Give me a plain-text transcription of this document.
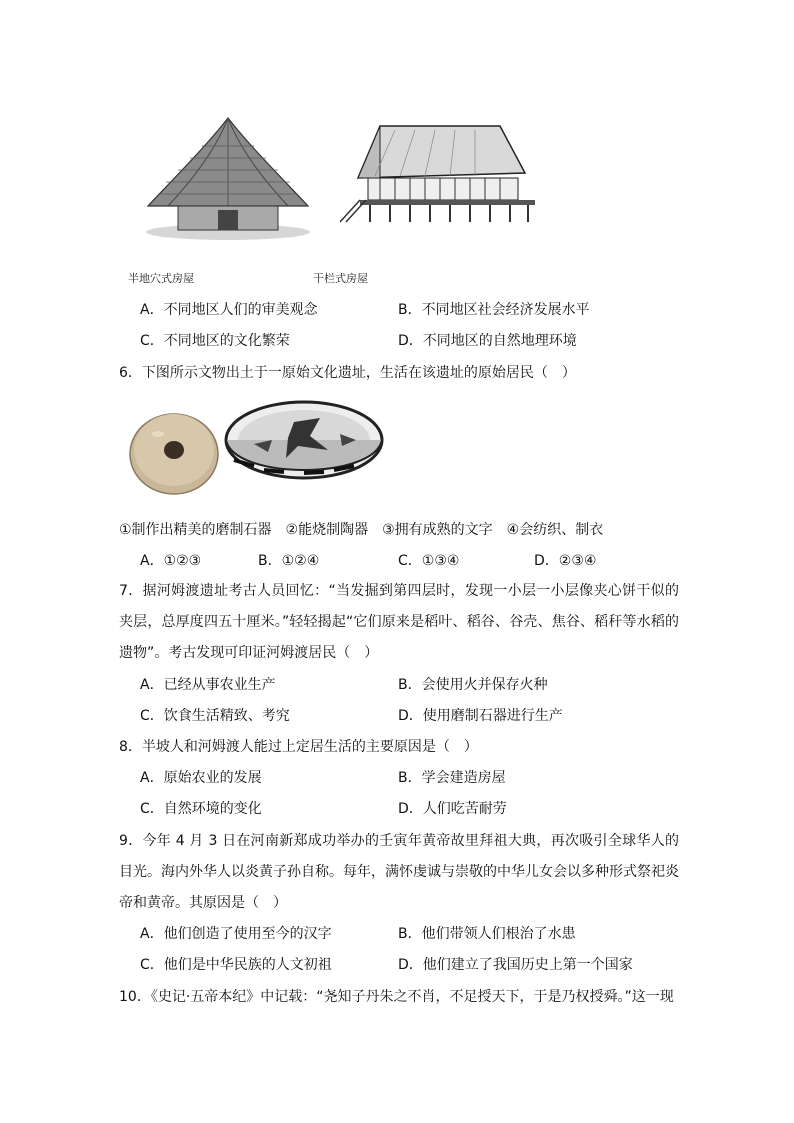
半地穴式房屋	干栏式房屋
A．不同地区人们的审美观念	B．不同地区社会经济发展水平
C．不同地区的文化繁荣	D．不同地区的自然地理环境
6．下图所示文物出土于一原始文化遗址，生活在该遗址的原始居民（　）
①制作出精美的磨制石器　②能烧制陶器　③拥有成熟的文字　④会纺织、制衣
A．①②③	B．①②④	C．①③④	D．②③④
7．据河姆渡遗址考古人员回忆：“当发掘到第四层时，发现一小层一小层像夹心饼干似的夹层，总厚度四五十厘米。”轻轻揭起“它们原来是稻叶、稻谷、谷壳、焦谷、稻秆等水稻的遗物”。考古发现可印证河姆渡居民（　）
A．已经从事农业生产	B．会使用火并保存火种
C．饮食生活精致、考究	D．使用磨制石器进行生产
8．半坡人和河姆渡人能过上定居生活的主要原因是（　）
A．原始农业的发展	B．学会建造房屋
C．自然环境的变化	D．人们吃苦耐劳
9．今年 4 月 3 日在河南新郑成功举办的壬寅年黄帝故里拜祖大典，再次吸引全球华人的目光。海内外华人以炎黄子孙自称。每年，满怀虔诚与崇敬的中华儿女会以多种形式祭祀炎帝和黄帝。其原因是（　）
A．他们创造了使用至今的汉字	B．他们带领人们根治了水患
C．他们是中华民族的人文初祖	D．他们建立了我国历史上第一个国家
10．《史记·五帝本纪》中记载：“尧知子丹朱之不肖，不足授天下，于是乃权授舜。”这一现
